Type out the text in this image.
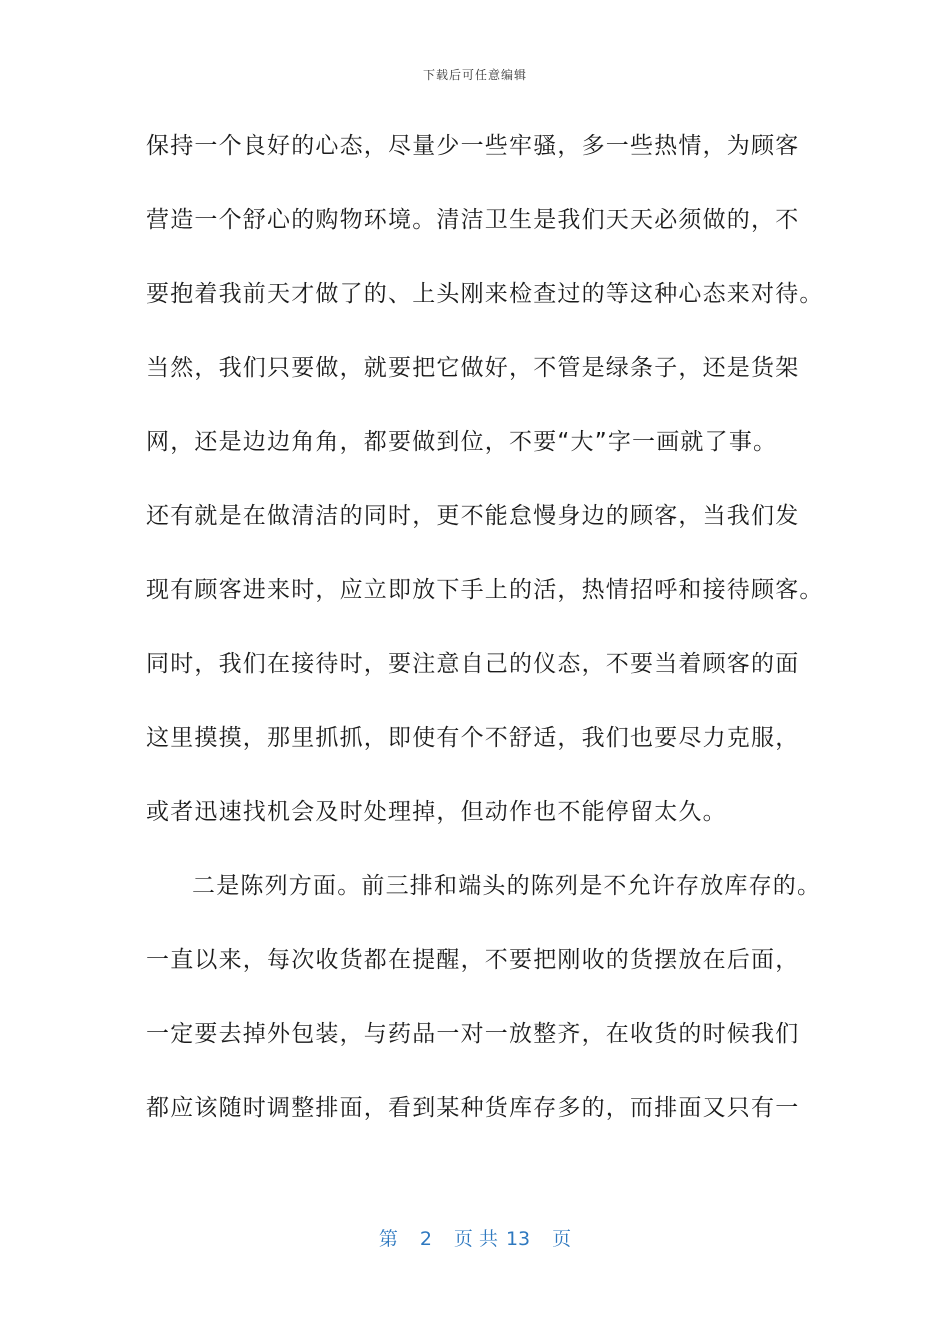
下载后可任意编辑
保持一个良好的心态，尽量少一些牢骚，多一些热情，为顾客
营造一个舒心的购物环境。清洁卫生是我们天天必须做的，不
要抱着我前天才做了的、上头刚来检查过的等这种心态来对待。
当然，我们只要做，就要把它做好，不管是绿条子，还是货架
网，还是边边角角，都要做到位，不要“大”字一画就了事。
还有就是在做清洁的同时，更不能怠慢身边的顾客，当我们发
现有顾客进来时，应立即放下手上的活，热情招呼和接待顾客。
同时，我们在接待时，要注意自己的仪态，不要当着顾客的面
这里摸摸，那里抓抓，即使有个不舒适，我们也要尽力克服，
或者迅速找机会及时处理掉，但动作也不能停留太久。
二是陈列方面。前三排和端头的陈列是不允许存放库存的。
一直以来，每次收货都在提醒，不要把刚收的货摆放在后面，
一定要去掉外包装，与药品一对一放整齐，在收货的时候我们
都应该随时调整排面，看到某种货库存多的，而排面又只有一
第 2 页 共 13 页
